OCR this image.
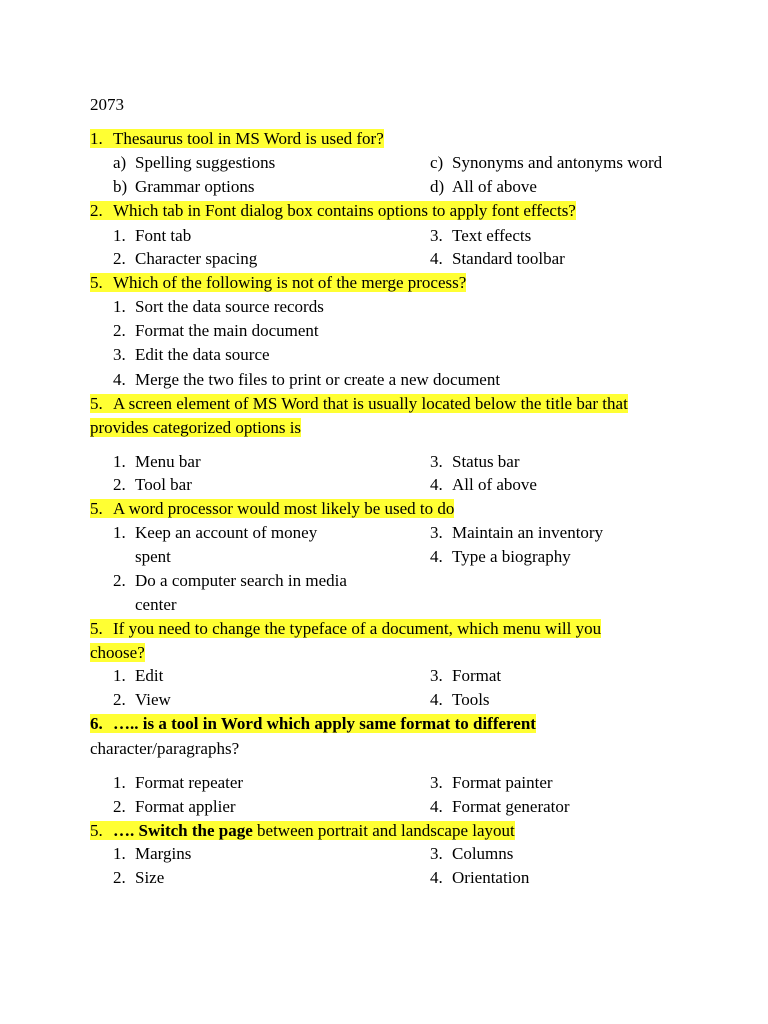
2073
1. Thesaurus tool in MS Word is used for?
a) Spelling suggestions
b) Grammar options
c) Synonyms and antonyms word
d) All of above
2. Which tab in Font dialog box contains options to apply font effects?
1. Font tab
2. Character spacing
3. Text effects
4. Standard toolbar
5. Which of the following is not of the merge process?
1. Sort the data source records
2. Format the main document
3. Edit the data source
4. Merge the two files to print or create a new document
5. A screen element of MS Word that is usually located below the title bar that
provides categorized options is
1. Menu bar
2. Tool bar
3. Status bar
4. All of above
5. A word processor would most likely be used to do
1. Keep an account of money
spent
2. Do a computer search in media
center
3. Maintain an inventory
4. Type a biography
5. If you need to change the typeface of a document, which menu will you
choose?
1. Edit
2. View
3. Format
4. Tools
6. ….. is a tool in Word which apply same format to different
character/paragraphs?
1. Format repeater
2. Format applier
3. Format painter
4. Format generator
5. …. Switch the page between portrait and landscape layout
1. Margins
2. Size
3. Columns
4. Orientation
